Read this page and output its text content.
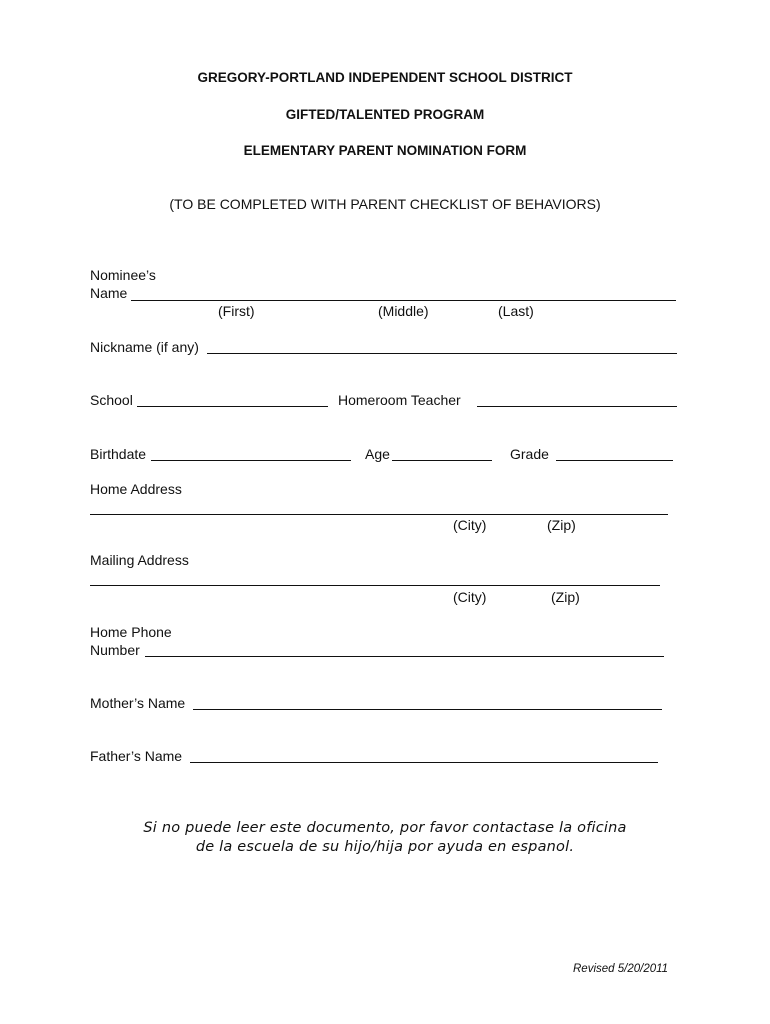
GREGORY-PORTLAND INDEPENDENT SCHOOL DISTRICT
GIFTED/TALENTED PROGRAM
ELEMENTARY PARENT NOMINATION FORM
(TO BE COMPLETED WITH PARENT CHECKLIST OF BEHAVIORS)
Nominee’s
Name
(First)	(Middle)	(Last)
Nickname (if any)
School	Homeroom Teacher
Birthdate	Age	Grade
Home Address
(City)	(Zip)
Mailing Address
(City)	(Zip)
Home Phone
Number
Mother’s Name
Father’s Name
Si no puede leer este documento, por favor contactase la oficina
de la escuela de su hijo/hija por ayuda en espanol.
Revised 5/20/2011
